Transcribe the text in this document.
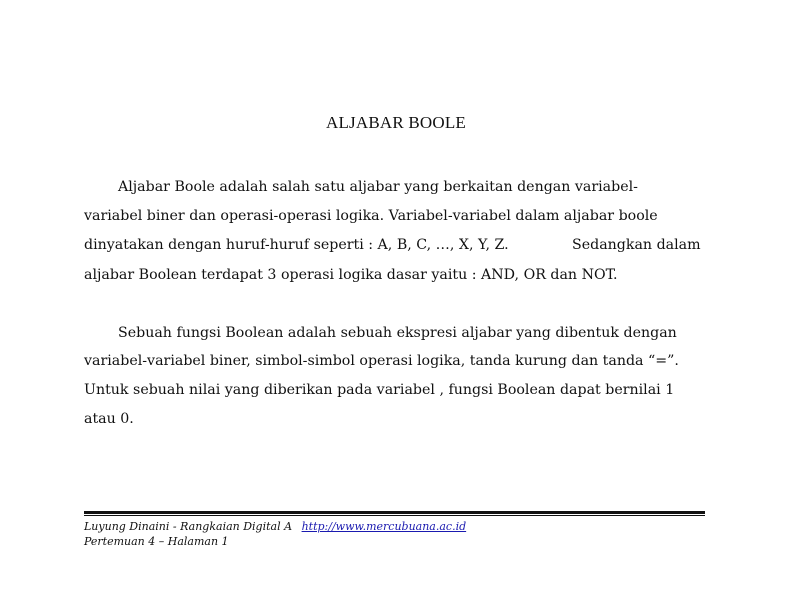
ALJABAR BOOLE
Aljabar Boole adalah salah satu aljabar yang berkaitan dengan variabel-
variabel biner dan operasi-operasi logika. Variabel-variabel dalam aljabar boole
dinyatakan dengan huruf-huruf seperti : A, B, C, …, X, Y, Z.	Sedangkan dalam
aljabar Boolean terdapat 3 operasi logika dasar yaitu : AND, OR dan NOT.
Sebuah fungsi Boolean adalah sebuah ekspresi aljabar yang dibentuk dengan
variabel-variabel biner, simbol-simbol operasi logika, tanda kurung dan tanda “=”.
Untuk sebuah nilai yang diberikan pada variabel , fungsi Boolean dapat bernilai 1
atau 0.
Luyung Dinaini - Rangkaian Digital A http://www.mercubuana.ac.id
Pertemuan 4 – Halaman 1
